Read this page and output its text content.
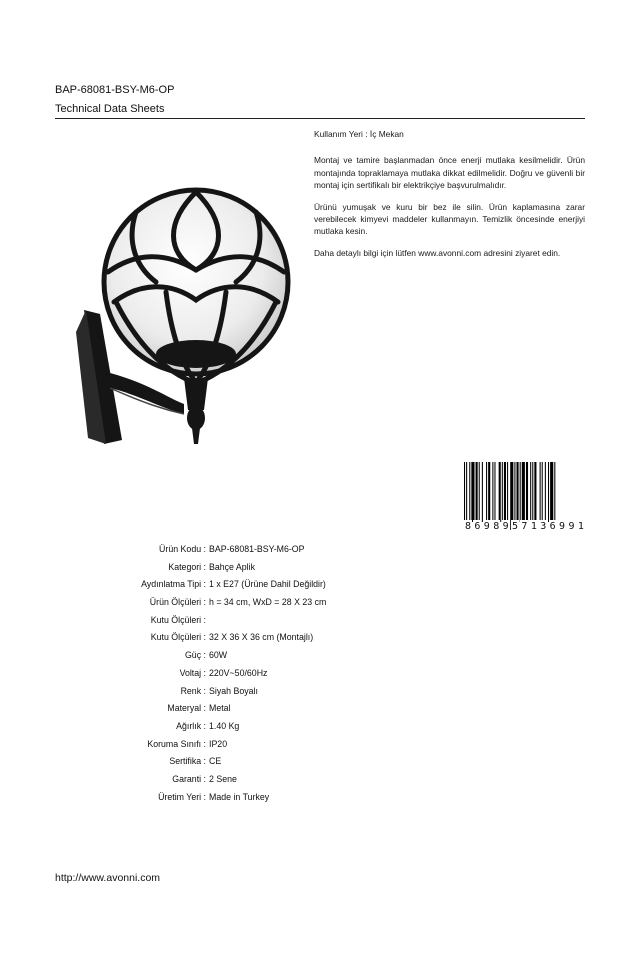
BAP-68081-BSY-M6-OP
Technical Data Sheets

Kullanım Yeri : İç Mekan

Montaj ve tamire başlanmadan önce enerji mutlaka kesilmelidir. Ürün montajında topraklamaya mutlaka dikkat edilmelidir. Doğru ve güvenli bir montaj için sertifikalı bir elektrikçiye başvurulmalıdır.

Ürünü yumuşak ve kuru bir bez ile silin. Ürün kaplamasına zarar verebilecek kimyevi maddeler kullanmayın. Temizlik öncesinde enerjiyi mutlaka kesin.

Daha detaylı bilgi için lütfen www.avonni.com adresini ziyaret edin.

8 6 9 8 9 5 7 1 3 6 9 9 1
Ürün Kodu : BAP-68081-BSY-M6-OP
Kategori : Bahçe Aplik
Aydınlatma Tipi : 1 x E27 (Ürüne Dahil Değildir)
Ürün Ölçüleri : h = 34 cm, WxD = 28 X 23 cm
Kutu Ölçüleri :
Kutu Ölçüleri : 32 X 36 X 36 cm (Montajlı)
Güç : 60W
Voltaj : 220V~50/60Hz
Renk : Siyah Boyalı
Materyal : Metal
Ağırlık : 1.40 Kg
Koruma Sınıfı : IP20
Sertifika : CE
Garanti : 2 Sene
Üretim Yeri : Made in Turkey
http://www.avonni.com
